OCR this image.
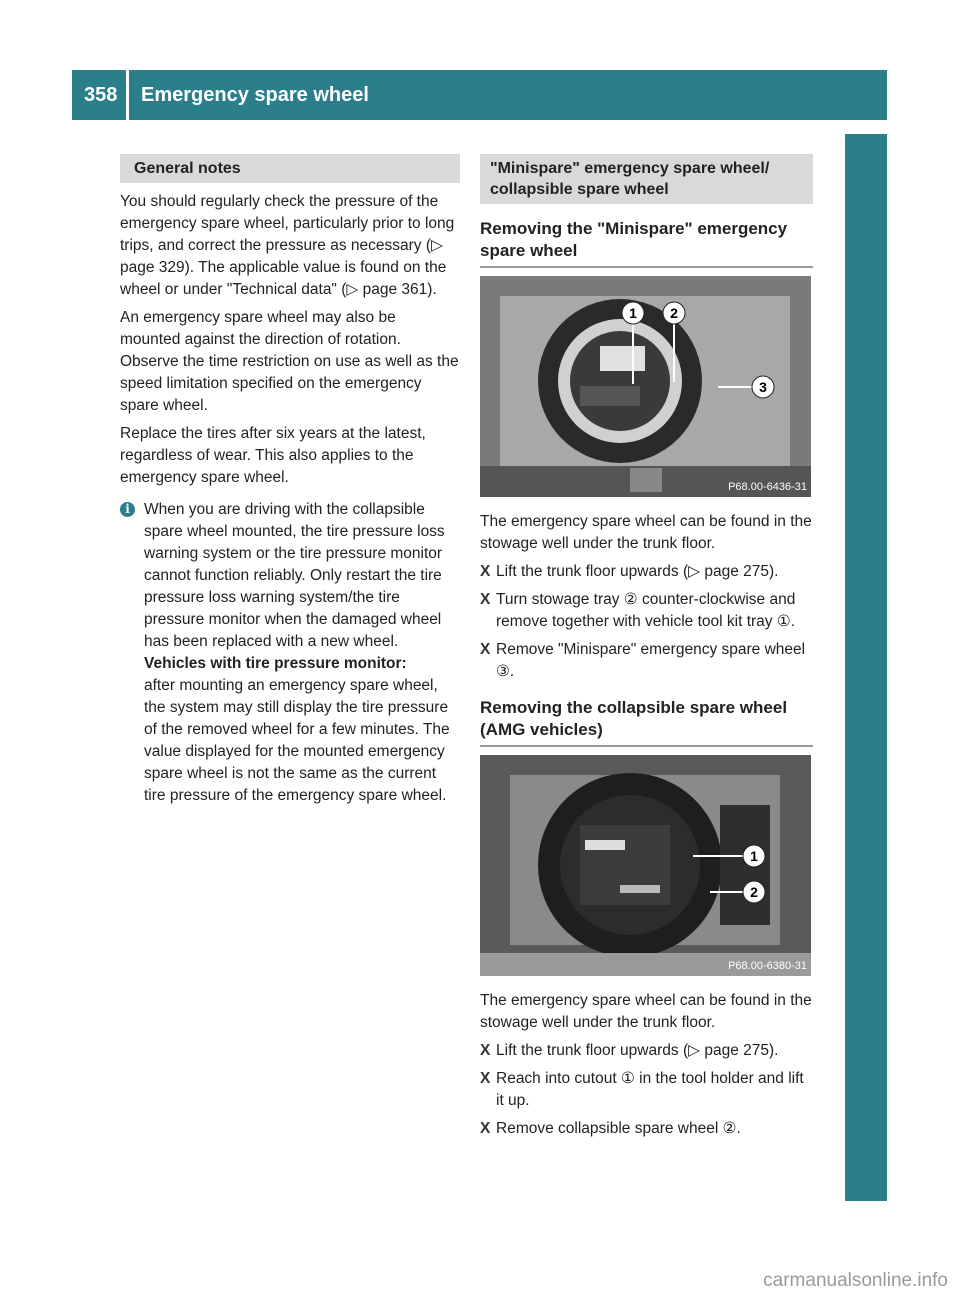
358	Emergency spare wheel
Wheels and tires
General notes

You should regularly check the pressure of the emergency spare wheel, particularly prior to long trips, and correct the pressure as necessary (▷ page 329). The applicable value is found on the wheel or under "Technical data" (▷ page 361).

An emergency spare wheel may also be mounted against the direction of rotation. Observe the time restriction on use as well as the speed limitation specified on the emergency spare wheel.

Replace the tires after six years at the latest, regardless of wear. This also applies to the emergency spare wheel.

i When you are driving with the collapsible spare wheel mounted, the tire pressure loss warning system or the tire pressure monitor cannot function reliably. Only restart the tire pressure loss warning system/the tire pressure monitor when the damaged wheel has been replaced with a new wheel.
Vehicles with tire pressure monitor:
after mounting an emergency spare wheel, the system may still display the tire pressure of the removed wheel for a few minutes. The value displayed for the mounted emergency spare wheel is not the same as the current tire pressure of the emergency spare wheel.
"Minispare" emergency spare wheel/ collapsible spare wheel
Removing the "Minispare" emergency spare wheel
1 2
3
P68.00-6436-31

The emergency spare wheel can be found in the stowage well under the trunk floor.

X Lift the trunk floor upwards (▷ page 275).
X Turn stowage tray ② counter-clockwise and remove together with vehicle tool kit tray ①.
X Remove "Minispare" emergency spare wheel ③.
Removing the collapsible spare wheel (AMG vehicles)
1
2
P68.00-6380-31

The emergency spare wheel can be found in the stowage well under the trunk floor.

X Lift the trunk floor upwards (▷ page 275).
X Reach into cutout ① in the tool holder and lift it up.
X Remove collapsible spare wheel ②.
carmanualsonline.info
